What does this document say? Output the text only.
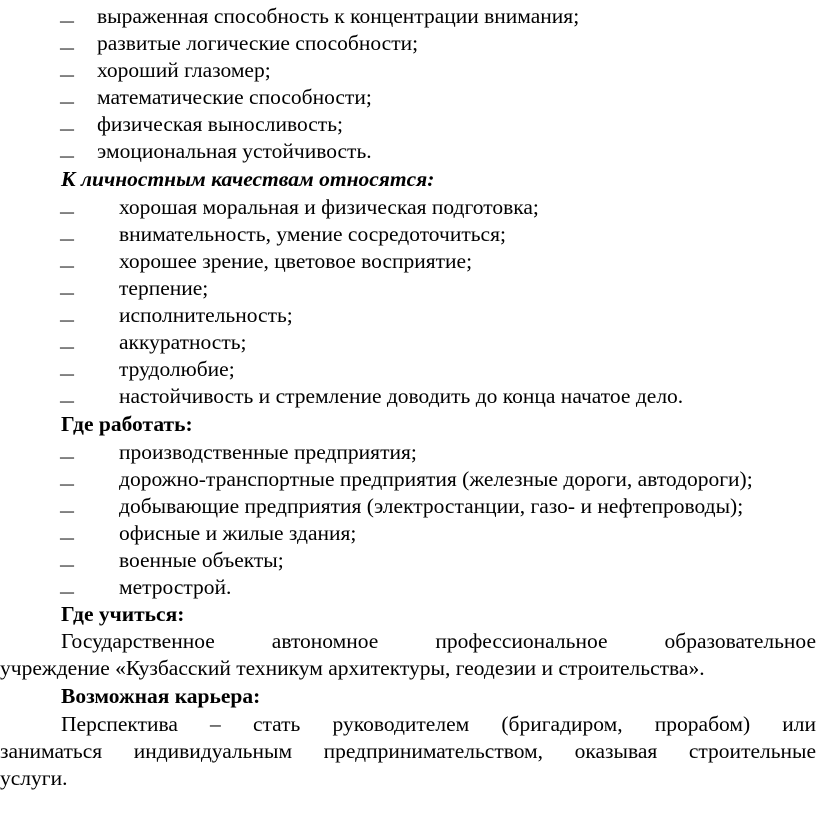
— выраженная способность к концентрации внимания;
— развитые логические способности;
— хороший глазомер;
— математические способности;
— физическая выносливость;
— эмоциональная устойчивость.
К личностным качествам относятся:
— хорошая моральная и физическая подготовка;
— внимательность, умение сосредоточиться;
— хорошее зрение, цветовое восприятие;
— терпение;
— исполнительность;
— аккуратность;
— трудолюбие;
— настойчивость и стремление доводить до конца начатое дело.
Где работать:
— производственные предприятия;
— дорожно-транспортные предприятия (железные дороги, автодороги);
— добывающие предприятия (электростанции, газо- и нефтепроводы);
— офисные и жилые здания;
— военные объекты;
— метрострой.
Где учиться:
Государственное	автономное	профессиональное	образовательное
учреждение «Кузбасский техникум архитектуры, геодезии и строительства».
Возможная карьера:
Перспектива – стать руководителем (бригадиром, прорабом) или
заниматься индивидуальным предпринимательством, оказывая строительные
услуги.
